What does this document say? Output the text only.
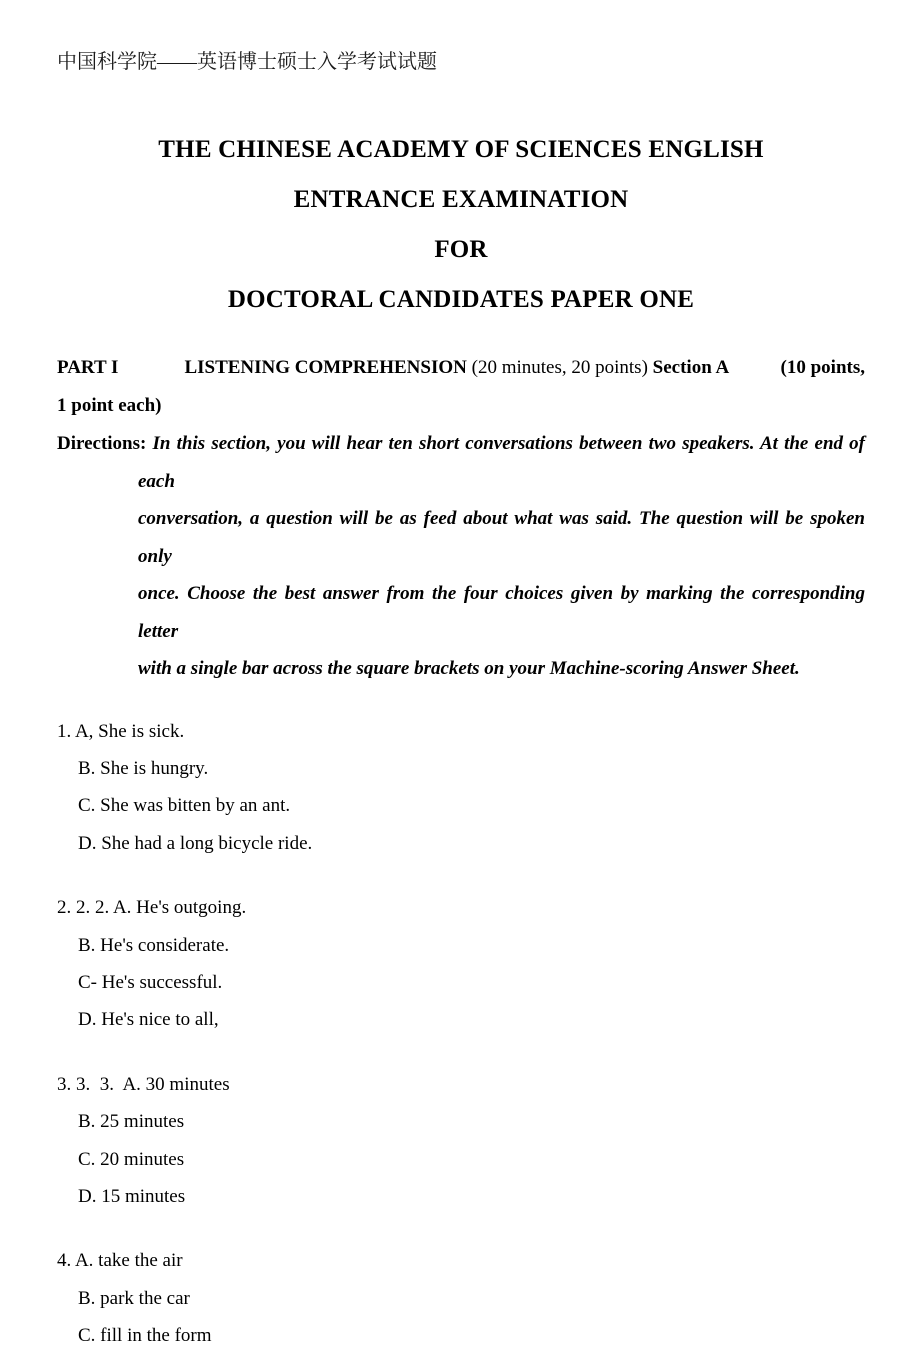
中国科学院——英语博士硕士入学考试试题
THE CHINESE ACADEMY OF SCIENCES ENGLISH
ENTRANCE EXAMINATION
FOR
DOCTORAL CANDIDATES PAPER ONE
PART I	LISTENING COMPREHENSION (20 minutes, 20 points) Section A	(10 points,
1 point each)
Directions: In this section, you will hear ten short conversations between two speakers. At the end of each
conversation, a question will be as feed about what was said. The question will be spoken only
once. Choose the best answer from the four choices given by marking the corresponding letter
with a single bar across the square brackets on your Machine-scoring Answer Sheet.
1. A, She is sick.
B. She is hungry.
C. She was bitten by an ant.
D. She had a long bicycle ride.
2. 2. 2. A. He's outgoing.
B. He's considerate.
C- He's successful.
D. He's nice to all,
3. 3.  3.  A. 30 minutes
B. 25 minutes
C. 20 minutes
D. 15 minutes
4. A. take the air
B. park the car
C. fill in the form
